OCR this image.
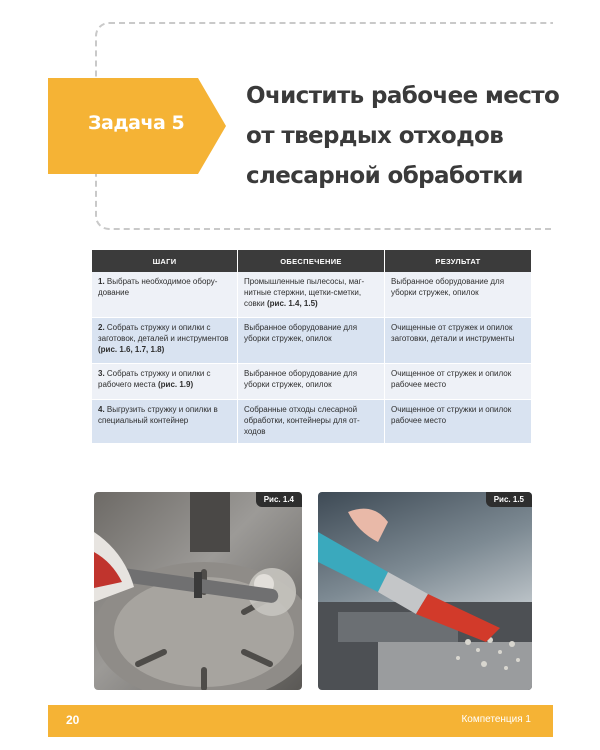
Задача 5
Очистить рабочее место
от твердых отходов
слесарной обработки
ШАГИ	ОБЕСПЕЧЕНИЕ	РЕЗУЛЬТАТ
1. Выбрать необходимое оборудование	Промышленные пылесосы, магнитные стержни, щетки-сметки, совки (рис. 1.4, 1.5)	Выбранное оборудование для уборки стружек, опилок
2. Собрать стружку и опилки с заготовок, деталей и инструментов (рис. 1.6, 1.7, 1.8)	Выбранное оборудование для уборки стружек, опилок	Очищенные от стружек и опилок заготовки, детали и инструменты
3. Собрать стружку и опилки с рабочего места (рис. 1.9)	Выбранное оборудование для уборки стружек, опилок	Очищенное от стружек и опилок рабочее место
4. Выгрузить стружку и опилки в специальный контейнер	Собранные отходы слесарной обработки, контейнеры для отходов	Очищенное от стружки и опилок рабочее место
Рис. 1.4	Рис. 1.5
20	Компетенция 1
